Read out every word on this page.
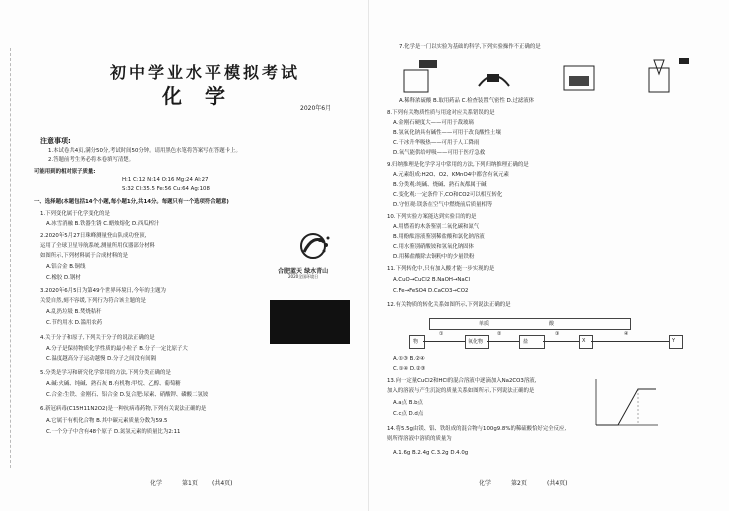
初中学业水平模拟考试
化 学
2020年6月
注意事项:
1.本试卷共4页,满分50分,考试时间50分钟。请用黑色水笔将答案写在答题卡上。
2.答题前考生务必将本卷填写清楚。
可能用到的相对原子质量:
H:1 C:12 N:14 O:16 Mg:24 Al:27
S:32 Cl:35.5 Fe:56 Cu:64 Ag:108
一、选择题(本题包括14个小题,每小题1分,共14分。每题只有一个选项符合题意)
1.下列变化属于化学变化的是
A.冰雪消融 B.铁器生锈 C.蜡烛熔化 D.西瓜榨汁
2.2020年5月27日珠峰测量登山队成功登顶,
运用了全球卫星导航系统,测量所用仪器部分材料
如图所示,下列材料属于合成材料的是
A.铝合金 B.铜线
C.橡胶 D.钢材
3.2020年6月5日为第49个世界环境日,今年的主题为
关爱自然,刻不容缓,下列行为符合该主题的是
A.乱扔垃圾 B.焚烧秸秆
C.节约用水 D.滥用农药
4.关于分子和原子,下列关于分子的说法正确的是
A.分子是保持物质化学性质的最小粒子 B.分子一定比原子大
C.温度越高分子运动越慢 D.分子之间没有间隔
5.分类是学习和研究化学常用的方法,下列分类正确的是
A.碱:火碱、纯碱、熟石灰 B.有机物:甲烷、乙醇、葡萄糖
C.合金:生铁、金刚石、铝合金 D.复合肥:尿素、硝酸钾、磷酸二氢铵
6.新冠病毒(C15H11N2O2)是一种抗病毒药物,下列有关说法正确的是
A.它属于有机化合物 B.其中碳元素质量分数为59.5
C.一个分子中含有48个原子 D.氮氢元素的质量比为2:11
合肥蓝天 绿水青山
2020全国环境日
化学	第1页 (共4页)
7.化学是一门以实验为基础的科学,下列实验操作不正确的是
A.稀释浓硫酸 B.取用药品 C.检查装置气密性 D.过滤液体
8.下列有关物质性质与用途对应关系错误的是
A.金刚石硬度大——可用于裁玻璃
B.氢氧化钠具有碱性——可用于改良酸性土壤
C.干冰升华吸热——可用于人工降雨
D.氧气能供给呼吸——可用于医疗急救
9.归纳推理是化学学习中常用的方法,下列归纳推理正确的是
A.元素组成:H2O、O2、KMnO4中都含有氧元素
B.分类观:纯碱、烧碱、熟石灰都属于碱
C.变化观:一定条件下,CO和CO2可以相互转化
D.守恒观:镁条在空气中燃烧前后质量相等
10.下列实验方案能达到实验目的的是
A.用燃着的木条鉴别二氧化碳和氮气
B.用酚酞溶液鉴别稀盐酸和氯化钠溶液
C.用水鉴别硝酸铵和氢氧化钠固体
D.用稀盐酸除去铜粉中的少量铁粉
11.下列转化中,只有加入酸才能一步实现的是
A.CuO→CuCl2 B.NaOH→NaCl
C.Fe→FeSO4 D.CaCO3→CO2
12.有关物质的转化关系如图所示,下列说法正确的是
物	氧化物	盐	X	Y
单质	酸
①	②	③	④
A.①③ B.②④
C.①④ D.②③
13.向一定量CuCl2和HCl的混合溶液中逐滴加入Na2CO3溶液,
加入的溶液与产生沉淀的质量关系如图所示,下列说法正确的是
A.a点 B.b点
C.c点 D.d点
14.将5.5g由镁、铝、铁组成的混合物与100g9.8%的稀硫酸恰好完全反应,
则所得溶液中溶质的质量为
A.1.6g B.2.4g C.3.2g D.4.0g
化学	第2页	(共4页)
